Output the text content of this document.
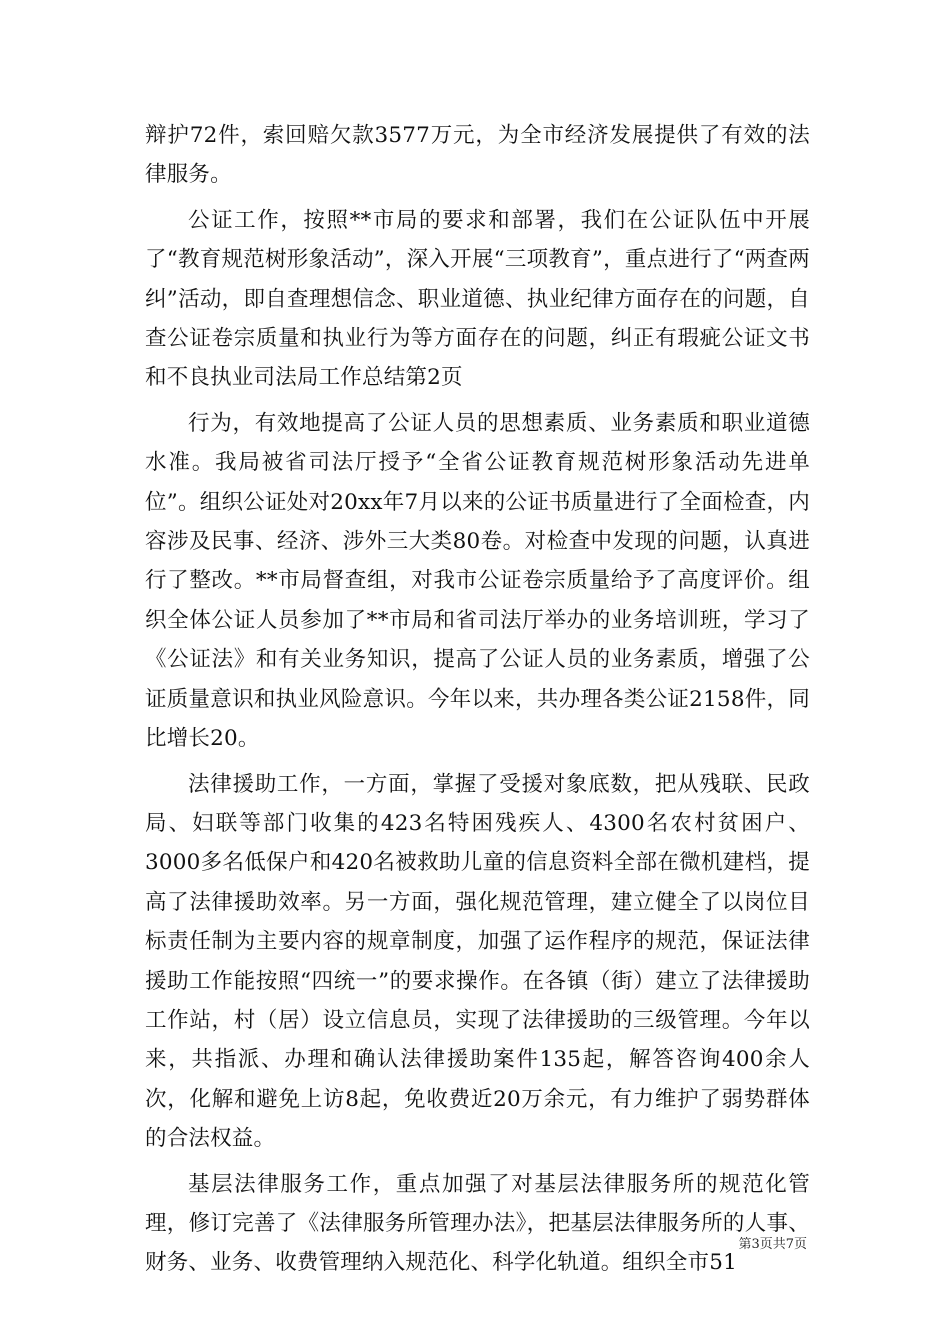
辩护72件，索回赔欠款3577万元，为全市经济发展提供了有效的法律服务。

公证工作，按照**市局的要求和部署，我们在公证队伍中开展了“教育规范树形象活动”，深入开展“三项教育”，重点进行了“两查两纠”活动，即自查理想信念、职业道德、执业纪律方面存在的问题，自查公证卷宗质量和执业行为等方面存在的问题，纠正有瑕疵公证文书和不良执业司法局工作总结第2页

行为，有效地提高了公证人员的思想素质、业务素质和职业道德水准。我局被省司法厅授予“全省公证教育规范树形象活动先进单位”。组织公证处对20xx年7月以来的公证书质量进行了全面检查，内容涉及民事、经济、涉外三大类80卷。对检查中发现的问题，认真进行了整改。**市局督查组，对我市公证卷宗质量给予了高度评价。组织全体公证人员参加了**市局和省司法厅举办的业务培训班，学习了《公证法》和有关业务知识，提高了公证人员的业务素质，增强了公证质量意识和执业风险意识。今年以来，共办理各类公证2158件，同比增长20。

法律援助工作，一方面，掌握了受援对象底数，把从残联、民政局、妇联等部门收集的423名特困残疾人、4300名农村贫困户、3000多名低保户和420名被救助儿童的信息资料全部在微机建档，提高了法律援助效率。另一方面，强化规范管理，建立健全了以岗位目标责任制为主要内容的规章制度，加强了运作程序的规范，保证法律援助工作能按照“四统一”的要求操作。在各镇（街）建立了法律援助工作站，村（居）设立信息员，实现了法律援助的三级管理。今年以来，共指派、办理和确认法律援助案件135起，解答咨询400余人次，化解和避免上访8起，免收费近20万余元，有力维护了弱势群体的合法权益。

基层法律服务工作，重点加强了对基层法律服务所的规范化管理，修订完善了《法律服务所管理办法》，把基层法律服务所的人事、财务、业务、收费管理纳入规范化、科学化轨道。组织全市51

第3页共7页
